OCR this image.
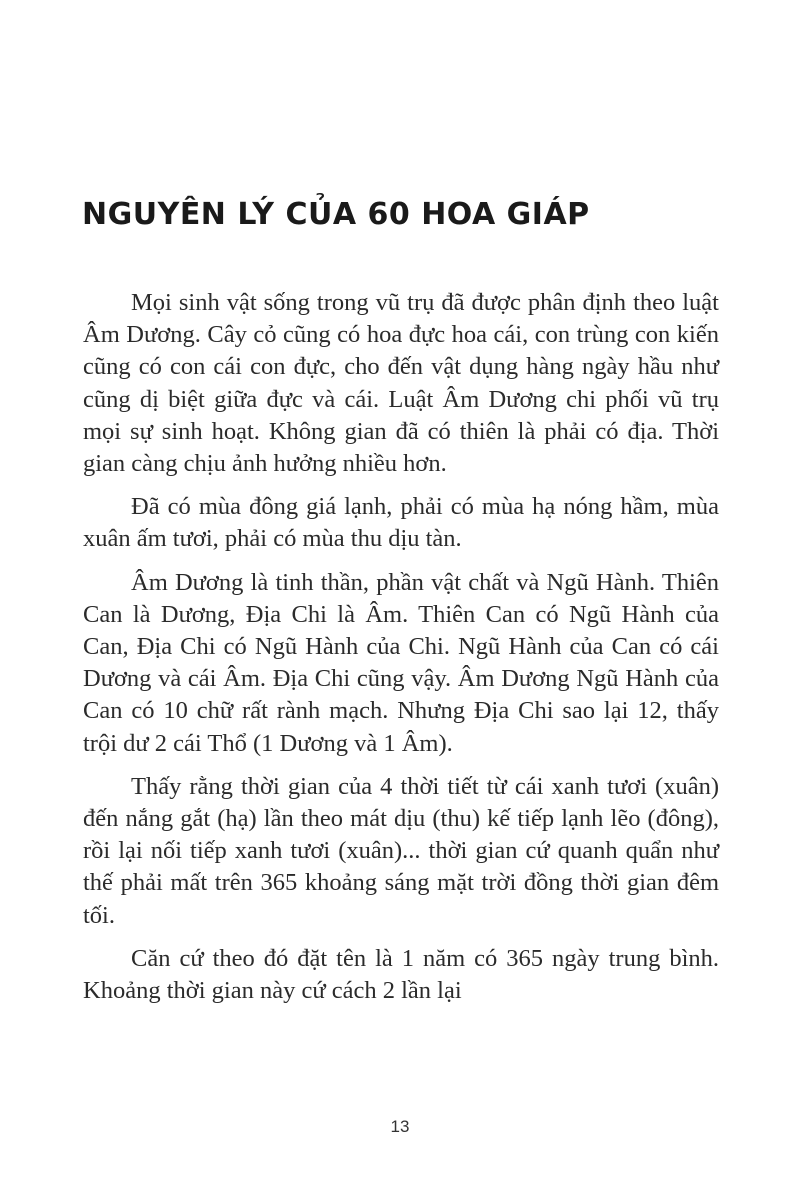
NGUYÊN LÝ CỦA 60 HOA GIÁP

Mọi sinh vật sống trong vũ trụ đã được phân định theo luật Âm Dương. Cây cỏ cũng có hoa đực hoa cái, con trùng con kiến cũng có con cái con đực, cho đến vật dụng hàng ngày hầu như cũng dị biệt giữa đực và cái. Luật Âm Dương chi phối vũ trụ mọi sự sinh hoạt. Không gian đã có thiên là phải có địa. Thời gian càng chịu ảnh hưởng nhiều hơn.

Đã có mùa đông giá lạnh, phải có mùa hạ nóng hầm, mùa xuân ấm tươi, phải có mùa thu dịu tàn.

Âm Dương là tinh thần, phần vật chất và Ngũ Hành. Thiên Can là Dương, Địa Chi là Âm. Thiên Can có Ngũ Hành của Can, Địa Chi có Ngũ Hành của Chi. Ngũ Hành của Can có cái Dương và cái Âm. Địa Chi cũng vậy. Âm Dương Ngũ Hành của Can có 10 chữ rất rành mạch. Nhưng Địa Chi sao lại 12, thấy trội dư 2 cái Thổ (1 Dương và 1 Âm).

Thấy rằng thời gian của 4 thời tiết từ cái xanh tươi (xuân) đến nắng gắt (hạ) lần theo mát dịu (thu) kế tiếp lạnh lẽo (đông), rồi lại nối tiếp xanh tươi (xuân)... thời gian cứ quanh quẩn như thế phải mất trên 365 khoảng sáng mặt trời đồng thời gian đêm tối.

Căn cứ theo đó đặt tên là 1 năm có 365 ngày trung bình. Khoảng thời gian này cứ cách 2 lần lại

13
